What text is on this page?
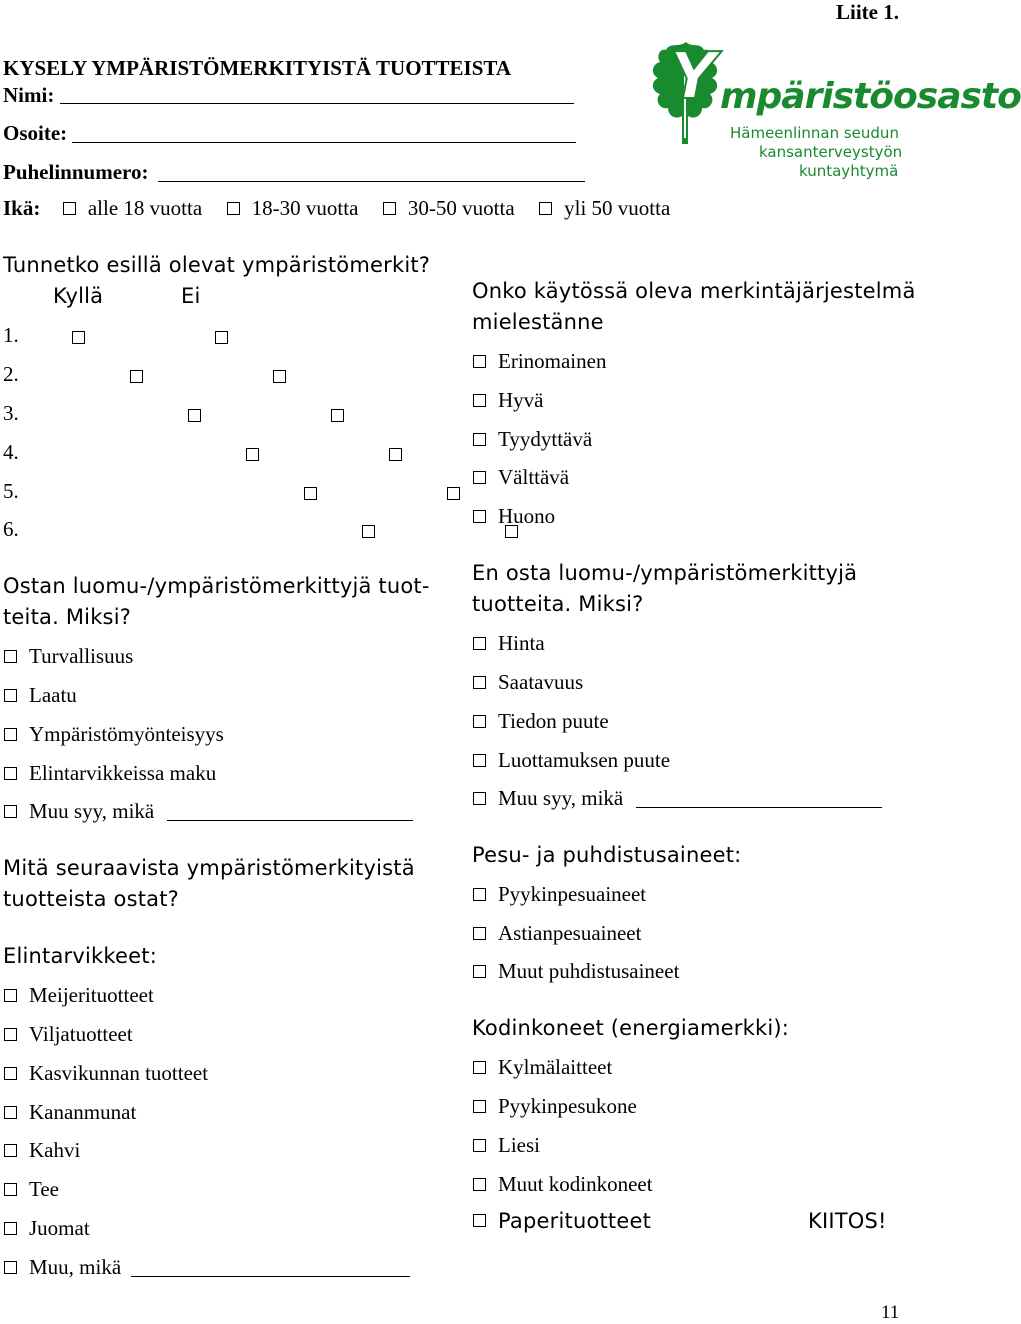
Liite 1.
KYSELY YMPÄRISTÖMERKITYISTÄ TUOTTEISTA
Nimi:
Osoite:
Puhelinnumero:
Ikä: alle 18 vuotta 18-30 vuotta 30-50 vuotta yli 50 vuotta
Y mpäristöosasto
Hämeenlinnan seudun
kansanterveystyön
kuntayhtymä
Tunnetko esillä olevat ympäristömerkit?
Kyllä	Ei
1.
2.
3.
4.
5.
6.

Onko käytössä oleva merkintäjärjestelmä
mielestänne
Erinomainen
Hyvä
Tyydyttävä
Välttävä
Huono
Ostan luomu-/ympäristömerkittyjä tuot-
teita. Miksi?
Turvallisuus
Laatu
Ympäristömyönteisyys
Elintarvikkeissa maku
Muu syy, mikä
En osta luomu-/ympäristömerkittyjä
tuotteita. Miksi?
Hinta
Saatavuus
Tiedon puute
Luottamuksen puute
Muu syy, mikä
Mitä seuraavista ympäristömerkityistä
tuotteista ostat?
Elintarvikkeet:
Meijerituotteet
Viljatuotteet
Kasvikunnan tuotteet
Kananmunat
Kahvi
Tee
Juomat
Muu, mikä
Pesu- ja puhdistusaineet:
Pyykinpesuaineet
Astianpesuaineet
Muut puhdistusaineet
Kodinkoneet (energiamerkki):
Kylmälaitteet
Pyykinpesukone
Liesi
Muut kodinkoneet
Paperituotteet	KIITOS!
11
